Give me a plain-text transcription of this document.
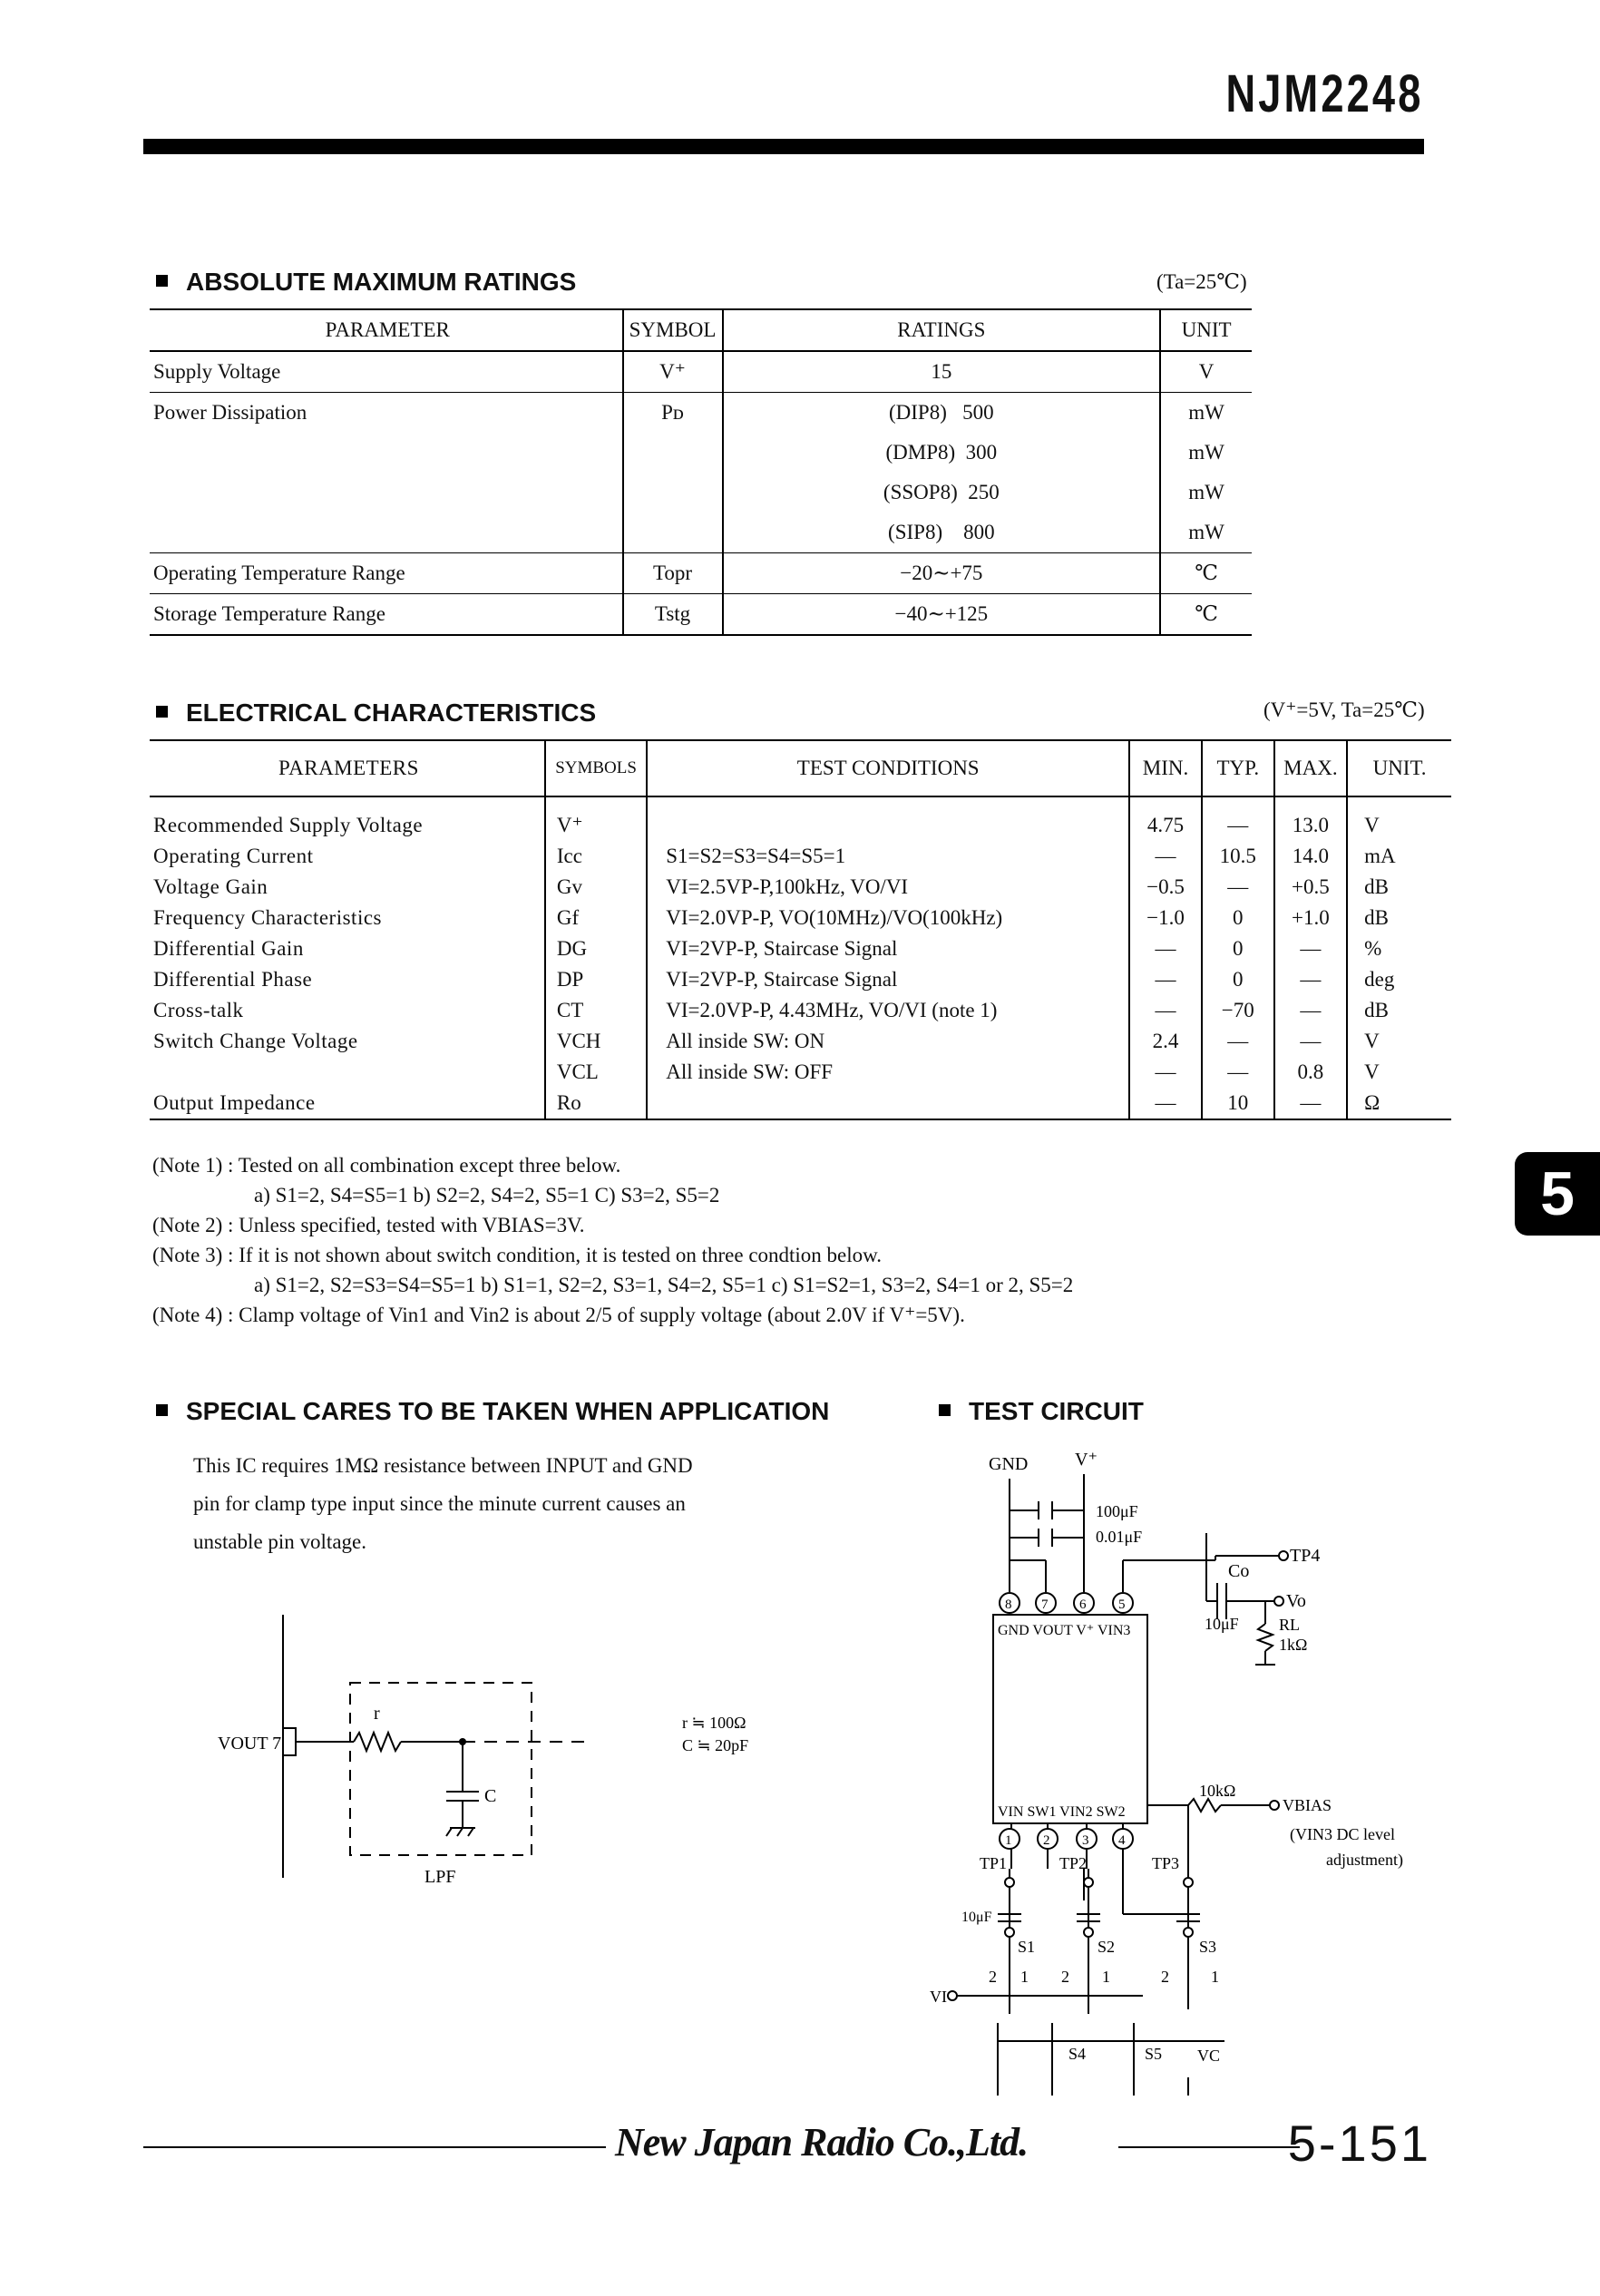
NJM2248
ABSOLUTE MAXIMUM RATINGS	(Ta=25℃)
PARAMETER	SYMBOL	RATINGS	UNIT
Supply Voltage	V⁺	15	V
Power Dissipation	Pᴅ	(DIP8)   500	mW
		(DMP8)  300	mW
		(SSOP8)  250	mW
		(SIP8)    800	mW
Operating Temperature Range	Topr	−20∼+75	℃
Storage Temperature Range	Tstg	−40∼+125	℃
ELECTRICAL CHARACTERISTICS	(V⁺=5V, Ta=25℃)
PARAMETERS	SYMBOLS	TEST CONDITIONS	MIN.	TYP.	MAX.	UNIT.
Recommended Supply Voltage	V⁺		4.75	—	13.0	V
Operating Current	Icc	S1=S2=S3=S4=S5=1	—	10.5	14.0	mA
Voltage Gain	Gv	VI=2.5VP-P,100kHz, VO/VI	−0.5	—	+0.5	dB
Frequency Characteristics	Gf	VI=2.0VP-P, VO(10MHz)/VO(100kHz)	−1.0	0	+1.0	dB
Differential Gain	DG	VI=2VP-P, Staircase Signal	—	0	—	%
Differential Phase	DP	VI=2VP-P, Staircase Signal	—	0	—	deg
Cross-talk	CT	VI=2.0VP-P, 4.43MHz, VO/VI (note 1)	—	−70	—	dB
Switch Change Voltage	VCH	All inside SW: ON	2.4	—	—	V
	VCL	All inside SW: OFF	—	—	0.8	V
Output Impedance	Ro		—	10	—	Ω
(Note 1) : Tested on all combination except three below.
a) S1=2, S4=S5=1 b) S2=2, S4=2, S5=1 C) S3=2, S5=2
(Note 2) : Unless specified, tested with VBIAS=3V.
(Note 3) : If it is not shown about switch condition, it is tested on three condtion below.
a) S1=2, S2=S3=S4=S5=1 b) S1=1, S2=2, S3=1, S4=2, S5=1 c) S1=S2=1, S3=2, S4=1 or 2, S5=2
(Note 4) : Clamp voltage of Vin1 and Vin2 is about 2/5 of supply voltage (about 2.0V if V⁺=5V).
5
SPECIAL CARES TO BE TAKEN WHEN APPLICATION
This IC requires 1MΩ resistance between INPUT and GND
pin for clamp type input since the minute current causes an
unstable pin voltage.
VOUT 7
r
C
LPF
r ≒ 100Ω
C ≒ 20pF
TEST CIRCUIT
GND	V⁺
100μF
0.01μF
TP4
Co
Vo
10μF RL
1kΩ
8 7 6 5
1 2 3 4
GND VOUT V⁺ VIN3
VIN SW1 VIN2 SW2
10kΩ
VBIAS
(VIN3 DC level
adjustment)
TP1	TP2	TP3
10μF
S1	S2	S3
S4	S5
VI
VC
2 1 2 1	2	1
New Japan Radio Co.,Ltd.	5-151
